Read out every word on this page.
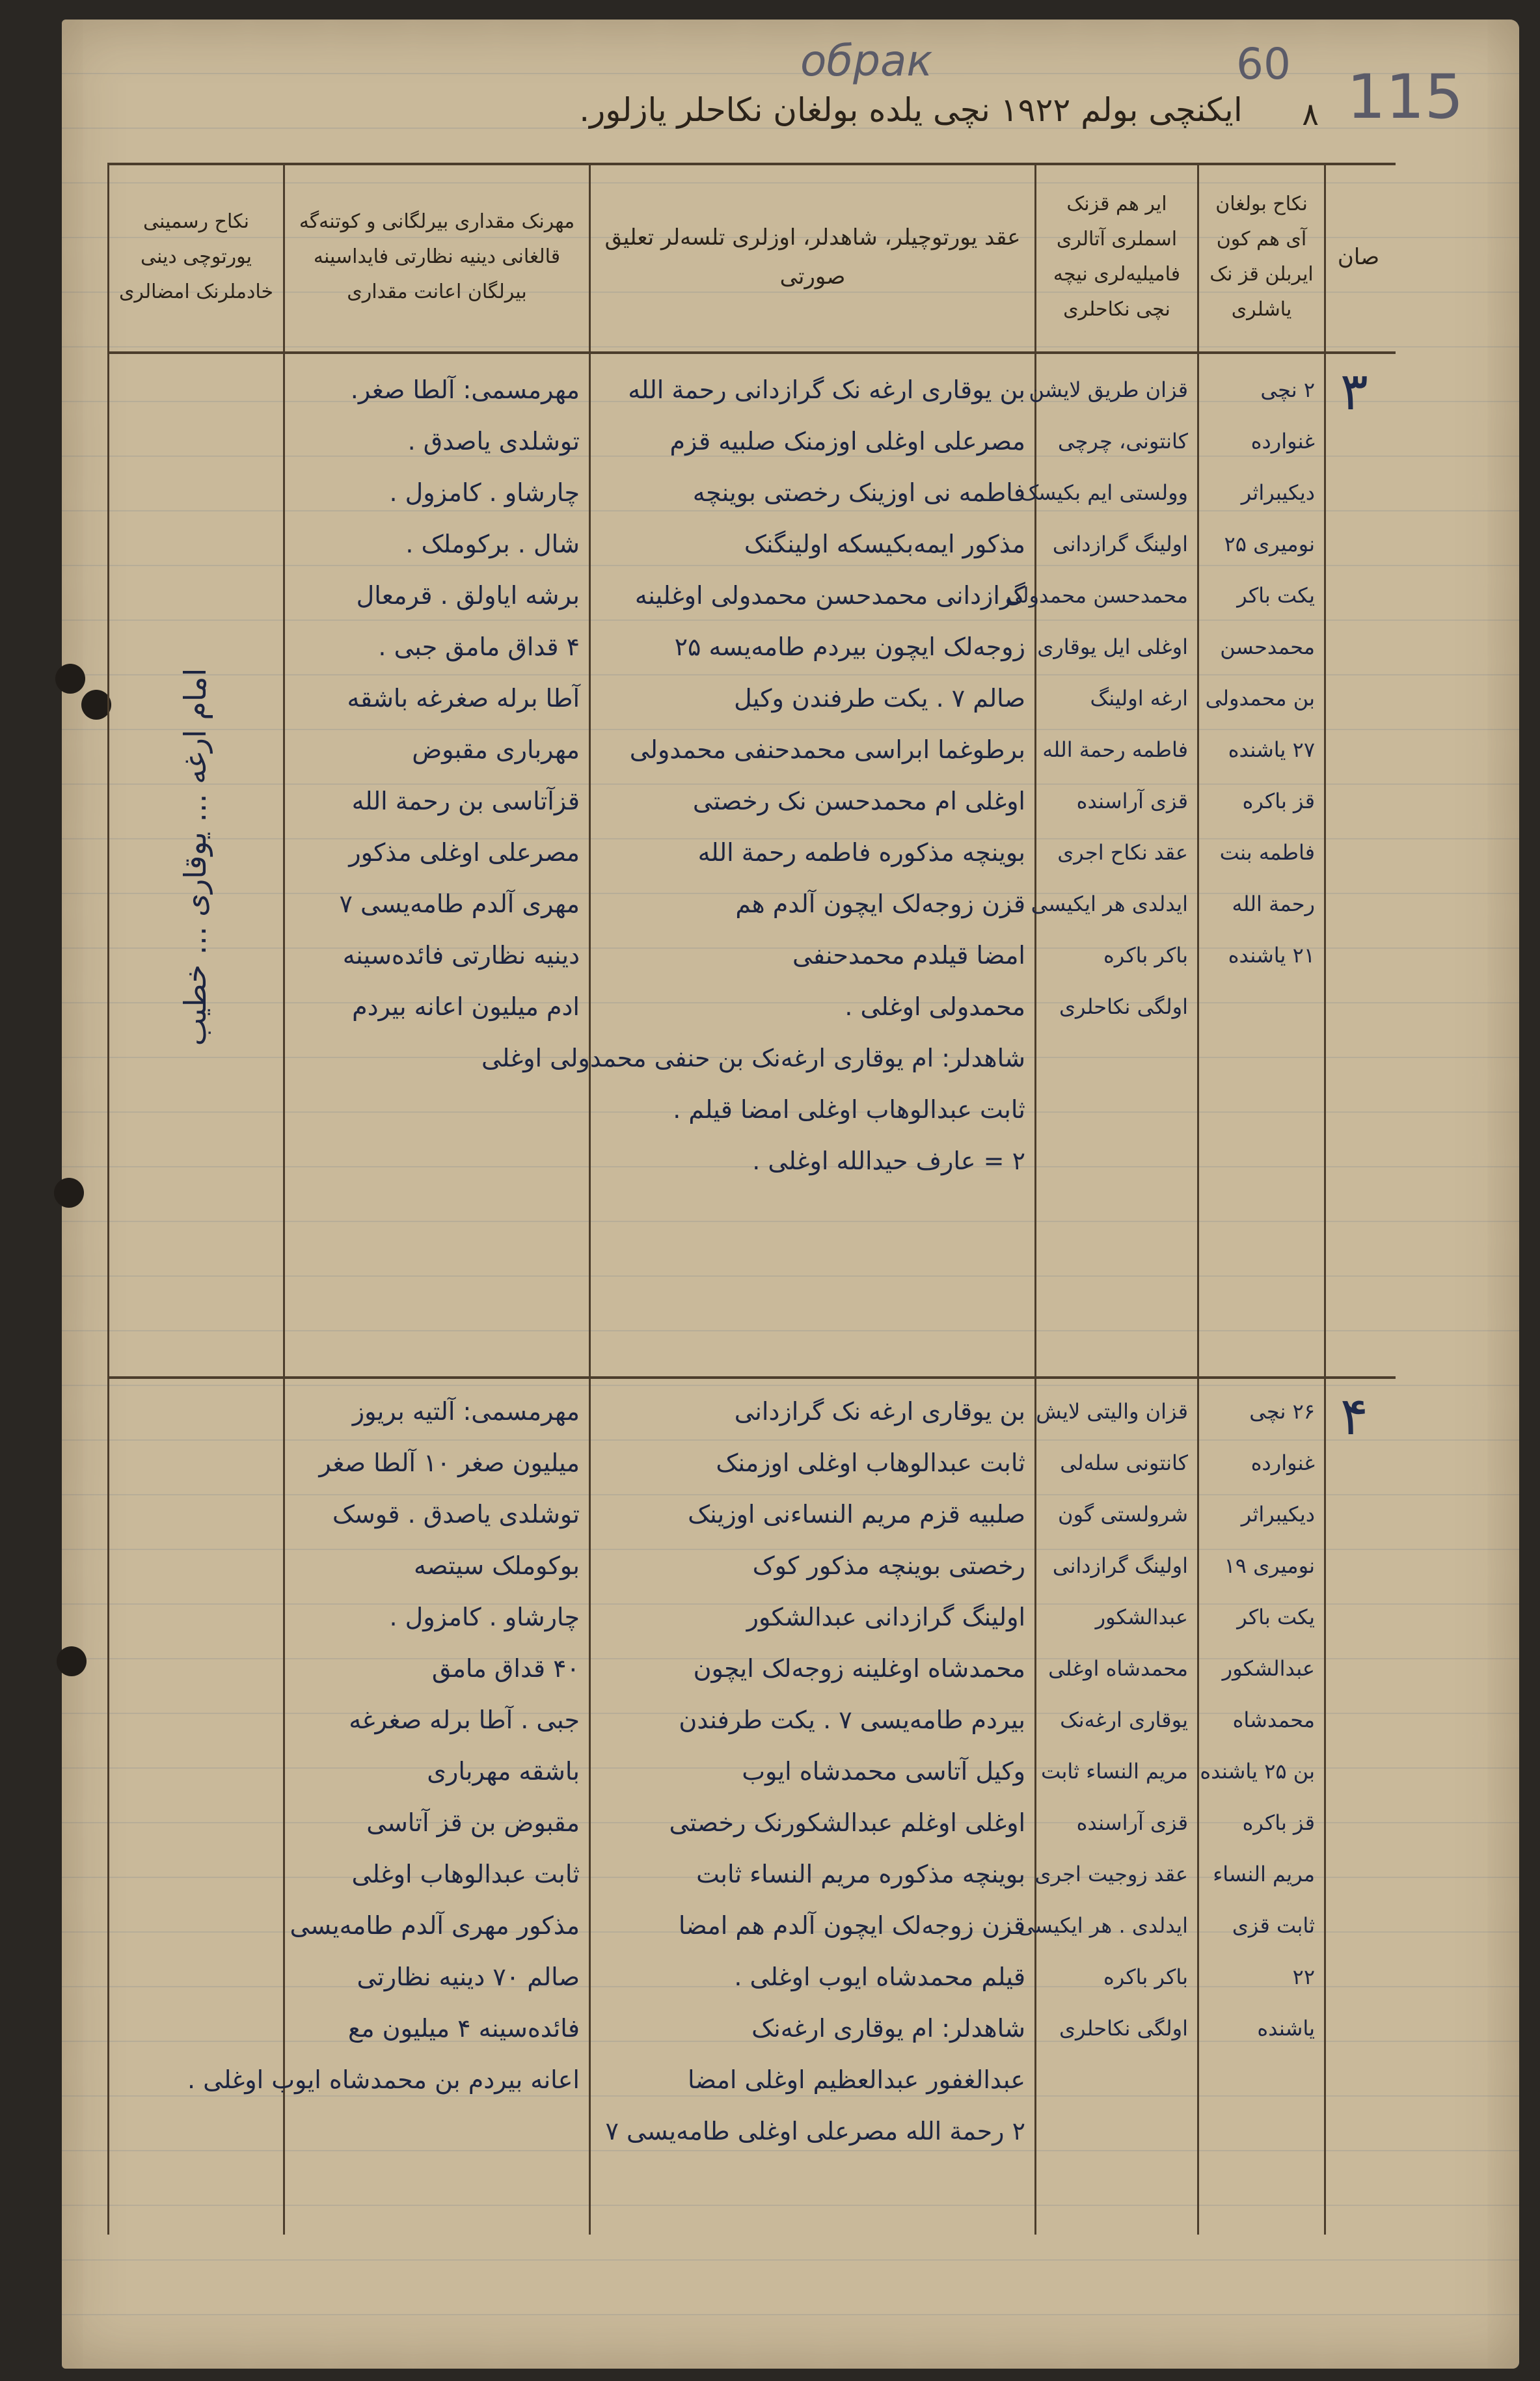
обрак	60 115
ایکنچی بولم ۱۹۲۲ نچی یلده بولغان نکاحلر یازلور.	۸
صان
نکاح بولغان آی هم کون ایربلن قز نک یاشلری
ایر هم قزنک اسملری آتالری فامیلیه‌لری نیچه نچی نکاحلری
عقد یورتوچیلر، شاهدلر، اوزلری تلسه‌لر تعلیق صورتی
مهرنک مقداری بیرلگانی و کوتنه‌گه قالغانی دینیه نظارتی فایداسینه بیرلگان اعانت مقداری
نکاح رسمینی یورتوچی دینی خادملرنک امضالری
۳
۲ نچی
غنوارده
دیکیبراثر
نومیری ۲۵
یکت باکر
محمدحسن
بن محمدولی
۲۷ یاشنده
قز باکره
فاطمه بنت
رحمة الله
۲۱ یاشنده
قزان طریق لایشن
کانتونی، چرچی
وولستی ایم بکیسک
اولینگ گرازدانی
محمدحسن محمدولی
اوغلی ایل یوقاری
ارغه اولینگ
فاطمه رحمة الله
قزی آراسنده
عقد نکاح اجری
ایدلدی هر ایکیسی
باکر باکره
اولگی نکاحلری
بن یوقاری ارغه نک گرازدانی رحمة الله
مصرعلی اوغلی اوزمنک صلبیه قزم
فاطمه نی اوزینک رخصتی بوینچه
مذکور ایمه‌بکیسکه اولینگنک
گرازدانی محمدحسن محمدولی اوغلینه
زوجه‌لک ایچون بیردم طامه‌یسه ۲۵
صالم ۷ . یکت طرفندن وکیل
برطوغما ابراسی محمدحنفی محمدولی
اوغلی ام محمدحسن نک رخصتی
بوینچه مذکوره فاطمه رحمة الله
قزن زوجه‌لک ایچون آلدم هم
امضا قیلدم محمدحنفی
محمدولی اوغلی .
شاهدلر: ام یوقاری ارغه‌نک بن حنفی محمدولی اوغلی
ثابت عبدالوهاب اوغلی امضا قیلم .
۲ = عارف حیدالله اوغلی .
مهرمسمی: آلطا صغر.
توشلدی یاصدق .
چارشاو . کامزول .
شال . برکوملک .
برشه ایاولق . قرمعال
۴ قداق مامق جبی .
آطا برله صغرغه باشقه
مهرباری مقبوض
قزآتاسی بن رحمة الله
مصرعلی اوغلی مذکور
مهری آلدم طامه‌یسی ۷
دینیه نظارتی فائده‌سینه
ادم میلیون اعانه بیردم
امام ارغه ... یوقاری ... خطیب
۴
۲۶ نچی
غنوارده
دیکیبراثر
نومیری ۱۹
یکت باکر
عبدالشکور
محمدشاه
بن ۲۵ یاشنده
قز باکره
مریم النساء
ثابت قزی
۲۲
یاشنده
قزان والیتی لایش
کانتونی سله‌لی
شرولستی گون
اولینگ گرازدانی
عبدالشکور
محمدشاه اوغلی
یوقاری ارغه‌نک
مریم النساء ثابت
قزی آراسنده
عقد زوجیت اجری
ایدلدی . هر ایکیسی
باکر باکره
اولگی نکاحلری
بن یوقاری ارغه نک گرازدانی
ثابت عبدالوهاب اوغلی اوزمنک
صلبیه قزم مریم النساءنی اوزینک
رخصتی بوینچه مذکور کوک
اولینگ گرازدانی عبدالشکور
محمدشاه اوغلینه زوجه‌لک ایچون
بیردم طامه‌یسی ۷ . یکت طرفندن
وکیل آتاسی محمدشاه ایوب
اوغلی اوغلم عبدالشکورنک رخصتی
بوینچه مذکوره مریم النساء ثابت
قزن زوجه‌لک ایچون آلدم هم امضا
قیلم محمدشاه ایوب اوغلی .
شاهدلر: ام یوقاری ارغه‌نک
عبدالغفور عبدالعظیم اوغلی امضا
۲ رحمة الله مصرعلی اوغلی طامه‌یسی ۷
مهرمسمی: آلتیه بریوز
میلیون صغر ۱۰ آلطا صغر
توشلدی یاصدق . قوسک
بوکوملک سیتصه
چارشاو . کامزول .
۴۰ قداق مامق
جبی . آطا برله صغرغه
باشقه مهرباری
مقبوض بن قز آتاسی
ثابت عبدالوهاب اوغلی
مذکور مهری آلدم طامه‌یسی
صالم ۷۰ دینیه نظارتی
فائده‌سینه ۴ میلیون مع
اعانه بیردم بن محمدشاه ایوب اوغلی .
